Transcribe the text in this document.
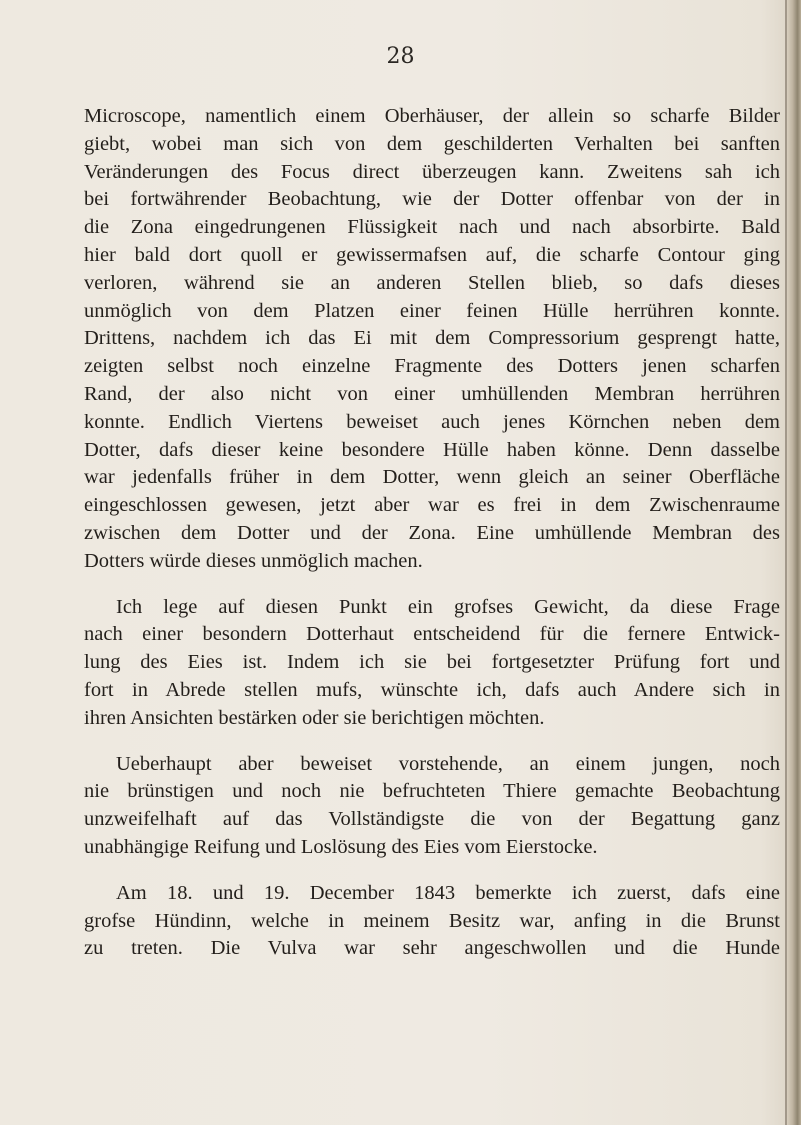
28

Microscope, namentlich einem Oberhäuser, der allein so scharfe Bilder
giebt, wobei man sich von dem geschilderten Verhalten bei sanften
Veränderungen des Focus direct überzeugen kann. Zweitens sah ich
bei fortwährender Beobachtung, wie der Dotter offenbar von der in
die Zona eingedrungenen Flüssigkeit nach und nach absorbirte. Bald
hier bald dort quoll er gewissermafsen auf, die scharfe Contour ging
verloren, während sie an anderen Stellen blieb, so dafs dieses
unmöglich von dem Platzen einer feinen Hülle herrühren konnte.
Drittens, nachdem ich das Ei mit dem Compressorium gesprengt hatte,
zeigten selbst noch einzelne Fragmente des Dotters jenen scharfen
Rand, der also nicht von einer umhüllenden Membran herrühren
konnte. Endlich Viertens beweiset auch jenes Körnchen neben dem
Dotter, dafs dieser keine besondere Hülle haben könne. Denn dasselbe
war jedenfalls früher in dem Dotter, wenn gleich an seiner Oberfläche
eingeschlossen gewesen, jetzt aber war es frei in dem Zwischenraume
zwischen dem Dotter und der Zona. Eine umhüllende Membran des
Dotters würde dieses unmöglich machen.
Ich lege auf diesen Punkt ein grofses Gewicht, da diese Frage
nach einer besondern Dotterhaut entscheidend für die fernere Entwick-
lung des Eies ist. Indem ich sie bei fortgesetzter Prüfung fort und
fort in Abrede stellen mufs, wünschte ich, dafs auch Andere sich in
ihren Ansichten bestärken oder sie berichtigen möchten.
Ueberhaupt aber beweiset vorstehende, an einem jungen, noch
nie brünstigen und noch nie befruchteten Thiere gemachte Beobachtung
unzweifelhaft auf das Vollständigste die von der Begattung ganz
unabhängige Reifung und Loslösung des Eies vom Eierstocke.
Am 18. und 19. December 1843 bemerkte ich zuerst, dafs eine
grofse Hündinn, welche in meinem Besitz war, anfing in die Brunst
zu treten. Die Vulva war sehr angeschwollen und die Hunde
